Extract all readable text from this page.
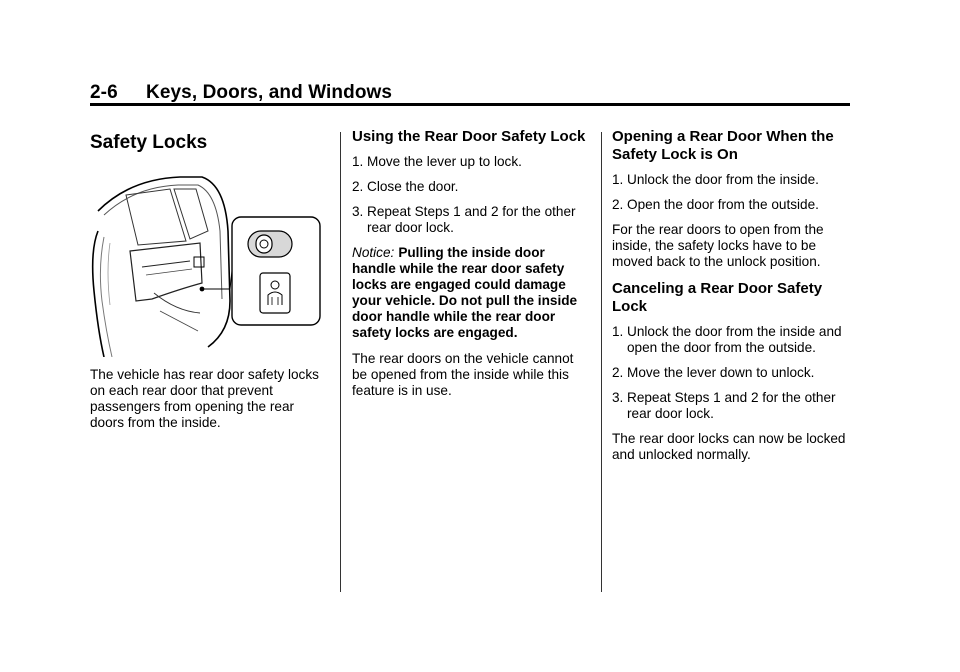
2-6 Keys, Doors, and Windows
Safety Locks

The vehicle has rear door safety locks on each rear door that prevent passengers from opening the rear doors from the inside.

Using the Rear Door Safety Lock
1. Move the lever up to lock.
2. Close the door.
3. Repeat Steps 1 and 2 for the other rear door lock.

Notice: Pulling the inside door handle while the rear door safety locks are engaged could damage your vehicle. Do not pull the inside door handle while the rear door safety locks are engaged.

The rear doors on the vehicle cannot be opened from the inside while this feature is in use.

Opening a Rear Door When the Safety Lock is On
1. Unlock the door from the inside.
2. Open the door from the outside.

For the rear doors to open from the inside, the safety locks have to be moved back to the unlock position.

Canceling a Rear Door Safety Lock
1. Unlock the door from the inside and open the door from the outside.
2. Move the lever down to unlock.
3. Repeat Steps 1 and 2 for the other rear door lock.

The rear door locks can now be locked and unlocked normally.
